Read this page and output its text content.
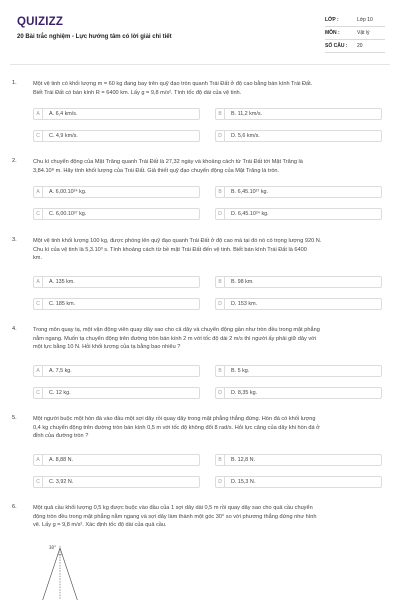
QUIZIZZ
20 Bài trắc nghiệm - Lực hướng tâm có lời giải chi tiết
LỚP :	Lớp 10
MÔN :	Vật lý
SỐ CÂU :	20
1.	Một vệ tinh có khối lượng m = 60 kg đang bay trên quỹ đạo tròn quanh Trái Đất ở độ cao bằng bán kính Trái Đất.
Biết Trái Đất có bán kính R = 6400 km. Lấy g = 9,8 m/s². Tính tốc độ dài của vệ tinh.
A	A. 6,4 km/s.	B	B. 11,2 km/s.
C	C. 4,9 km/s.	D	D. 5,6 km/s.
2.	Chu kì chuyển động của Mặt Trăng quanh Trái Đất là 27,32 ngày và khoảng cách từ Trái Đất tới Mặt Trăng là
3,84.10⁸ m. Hãy tính khối lượng của Trái Đất. Giả thiết quỹ đạo chuyển động của Mặt Trăng là tròn.
A	A. 6,00.10²⁴ kg.	B	B. 6,45.10²⁷ kg.
C	C. 6,00.10²⁷ kg.	D	D. 6,45.10²⁴ kg.
3.	Một vệ tinh khối lượng 100 kg, được phóng lên quỹ đạo quanh Trái Đất ở độ cao mà tại đó nó có trọng lượng 920 N.
Chu kì của vệ tinh là 5,3.10³ s. Tính khoảng cách từ bề mặt Trái Đất đến vệ tinh. Biết bán kính Trái Đất là 6400
km.
A	A. 135 km.	B	B. 98 km.
C	C. 185 km.	D	D. 153 km.
4.	Trong môn quay tạ, một vận động viên quay dây sao cho cả dây và chuyển động gần như tròn đều trong mặt phẳng
nằm ngang. Muốn tạ chuyển động trên đường tròn bán kính 2 m với tốc độ dài 2 m/s thì người ấy phải giữ dây với
một lực bằng 10 N. Hỏi khối lượng của tạ bằng bao nhiêu ?
A	A. 7,5 kg.	B	B. 5 kg.
C	C. 12 kg.	D	D. 8,35 kg.
5.	Một người buộc một hòn đá vào đầu một sợi dây rồi quay dây trong mặt phẳng thẳng đứng. Hòn đá có khối lượng
0,4 kg chuyển động trên đường tròn bán kính 0,5 m với tốc độ không đổi 8 rad/s. Hỏi lực căng của dây khi hòn đá ở
đỉnh của đường tròn ?
A	A. 8,88 N.	B	B. 12,8 N.
C	C. 3,92 N.	D	D. 15,3 N.
6.	Một quả cầu khối lượng 0,5 kg được buộc vào đầu của 1 sợi dây dài 0,5 m rồi quay dây sao cho quả cầu chuyển
động tròn đều trong mặt phẳng nằm ngang và sợi dây làm thành một góc 30° so với phương thẳng đứng như hình
vẽ. Lấy g = 9,8 m/s². Xác định tốc độ dài của quả cầu.
30°
